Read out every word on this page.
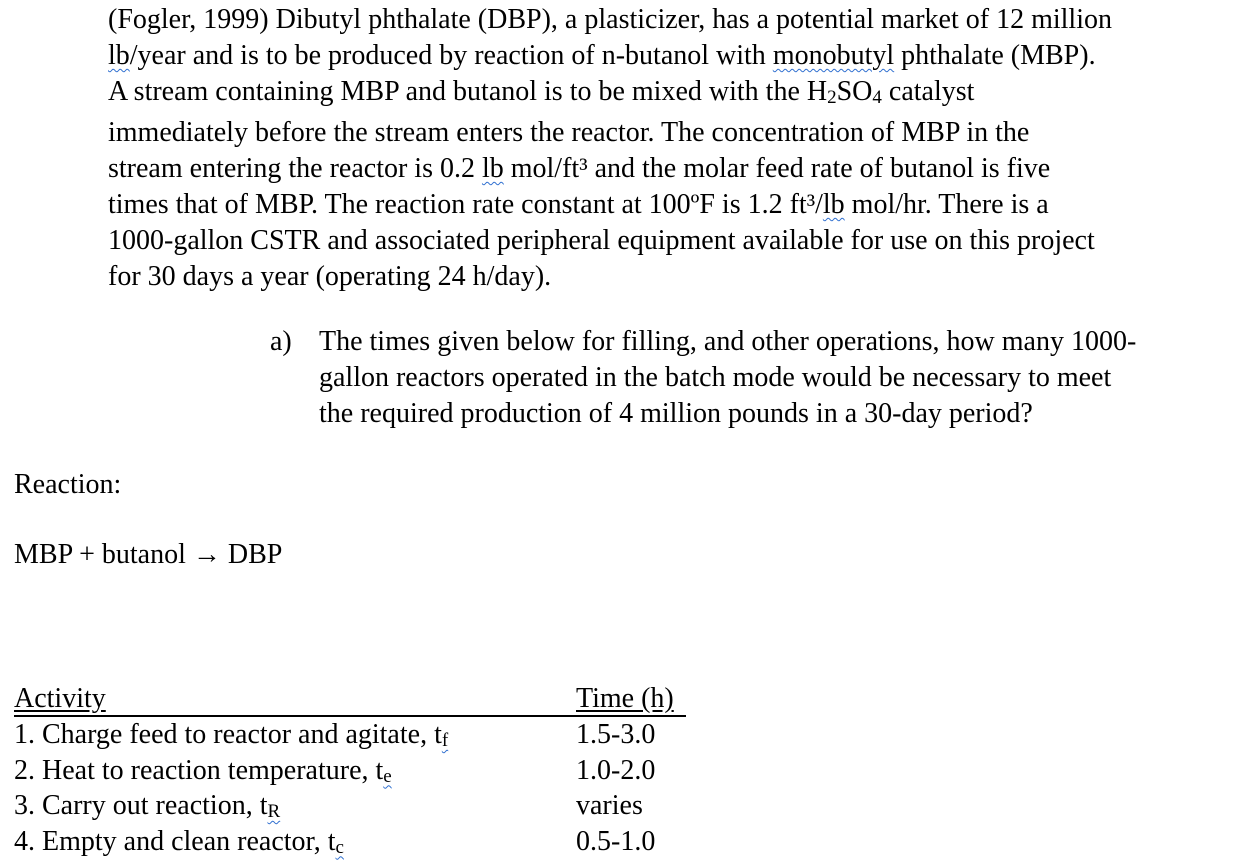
(Fogler, 1999) Dibutyl phthalate (DBP), a plasticizer, has a potential market of 12 million
lb/year and is to be produced by reaction of n-butanol with monobutyl phthalate (MBP).
A stream containing MBP and butanol is to be mixed with the H2SO4 catalyst
immediately before the stream enters the reactor. The concentration of MBP in the
stream entering the reactor is 0.2 lb mol/ft³ and the molar feed rate of butanol is five
times that of MBP. The reaction rate constant at 100ºF is 1.2 ft³/lb mol/hr. There is a
1000-gallon CSTR and associated peripheral equipment available for use on this project
for 30 days a year (operating 24 h/day).
a) The times given below for filling, and other operations, how many 1000-
gallon reactors operated in the batch mode would be necessary to meet
the required production of 4 million pounds in a 30-day period?

Reaction:

MBP + butanol → DBP

Activity	Time (h)
1. Charge feed to reactor and agitate, tf	1.5-3.0
2. Heat to reaction temperature, te	1.0-2.0
3. Carry out reaction, tR	varies
4. Empty and clean reactor, tc	0.5-1.0
